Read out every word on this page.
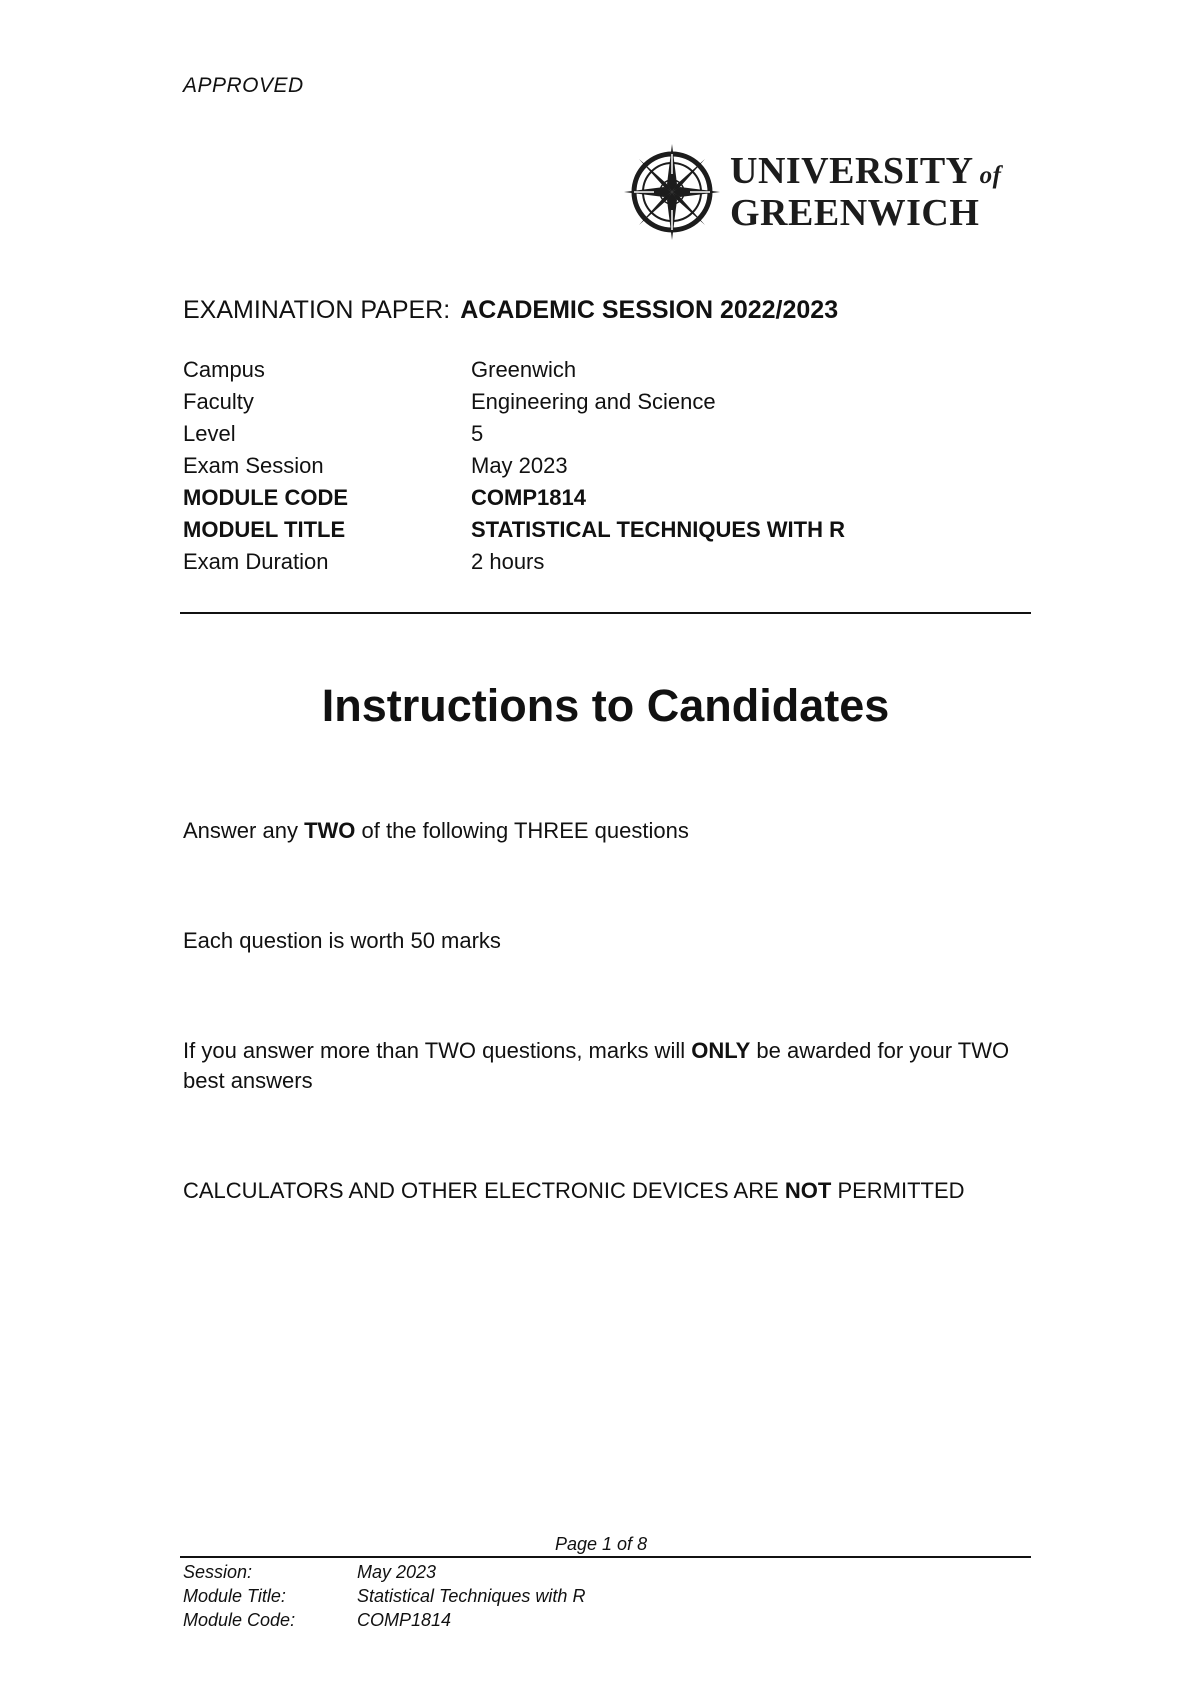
APPROVED
UNIVERSITY of
GREENWICH
EXAMINATION PAPER: ACADEMIC SESSION 2022/2023
Campus	Greenwich
Faculty	Engineering and Science
Level	5
Exam Session	May 2023
MODULE CODE	COMP1814
MODUEL TITLE	STATISTICAL TECHNIQUES WITH R
Exam Duration	2 hours
Instructions to Candidates
Answer any TWO of the following THREE questions
Each question is worth 50 marks
If you answer more than TWO questions, marks will ONLY be awarded for your TWO best answers
CALCULATORS AND OTHER ELECTRONIC DEVICES ARE NOT PERMITTED
Page 1 of 8
Session:	May 2023
Module Title:	Statistical Techniques with R
Module Code:	COMP1814
